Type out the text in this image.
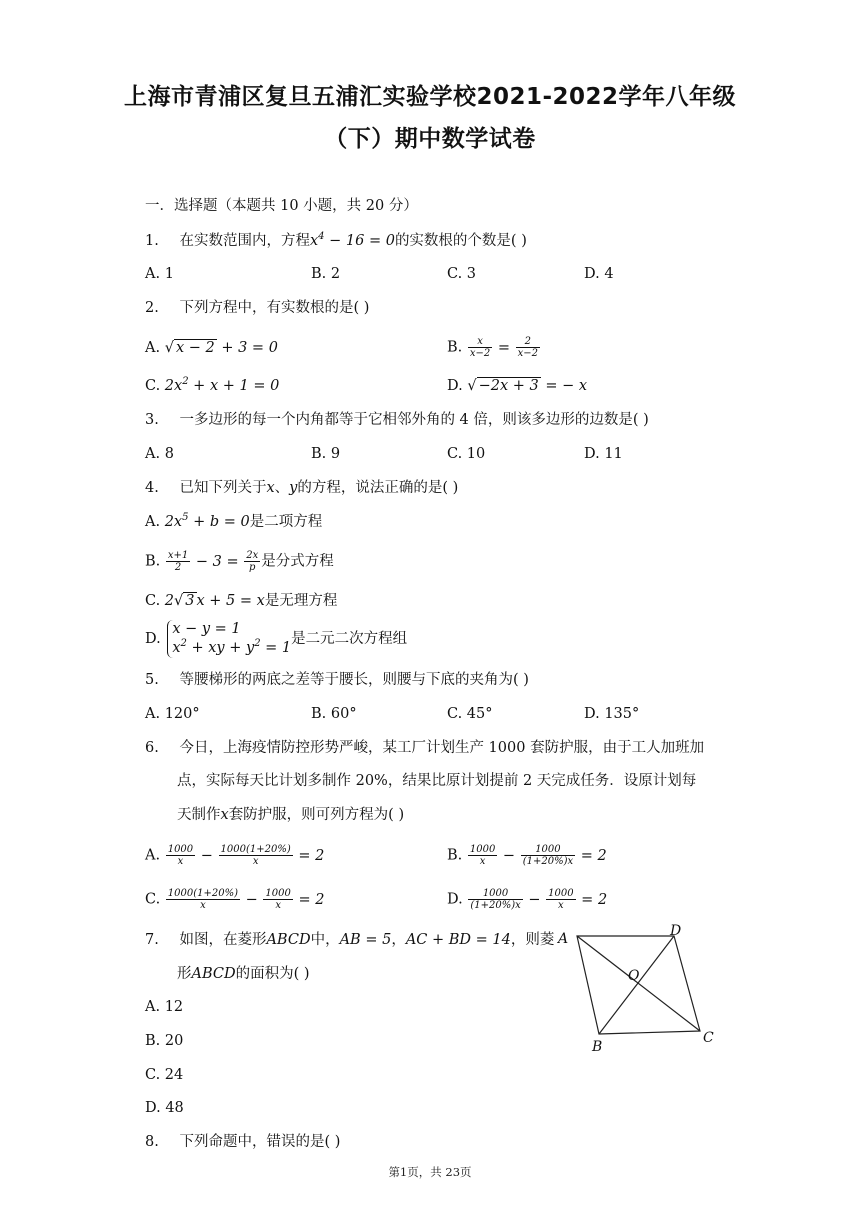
上海市青浦区复旦五浦汇实验学校2021-2022学年八年级
（下）期中数学试卷
一．选择题（本题共 10 小题，共 20 分）
1. 在实数范围内，方程$x^4 - 16 = 0$的实数根的个数是( )
A. 1	B. 2	C. 3	D. 4
2. 下列方程中，有实数根的是( )
A. √ x − 2 + 3 = 0	B. $\frac{x}{x-2} = \frac{2}{x-2}$
C. $2x^2 + x + 1 = 0$	D. √ −2x + 3 = − x
3. 一多边形的每一个内角都等于它相邻外角的 4 倍，则该多边形的边数是( )
A. 8	B. 9	C. 10	D. 11
4. 已知下列关于x、y的方程，说法正确的是( )
A. $2x^5 + b = 0$是二项方程
B. $\frac{x+1}{2} - 3 = \frac{2x}{p}$ 是分式方程
C. 2√ 3 x + 5 = x是无理方程
D. x − y = 1
$x^2$ + xy + $y^2 = 1$是二元二次方程组
5. 等腰梯形的两底之差等于腰长，则腰与下底的夹角为( )
A. 120°	B. 60°	C. 45°	D. 135°
6. 今日，上海疫情防控形势严峻，某工厂计划生产 1000 套防护服，由于工人加班加
点，实际每天比计划多制作 20%，结果比原计划提前 2 天完成任务．设原计划每
天制作x套防护服，则可列方程为( )
A. $\frac{1000}{x} - \frac{1000(1+20\%)}{x} = 2$	B. $\frac{1000}{x} - \frac{1000}{(1+20\%)x} = 2$
C. $\frac{1000(1+20\%)}{x} - \frac{1000}{x} = 2$	D. $\frac{1000}{(1+20\%)x} - \frac{1000}{x} = 2$
7. 如图，在菱形ABCD中，AB = 5，AC + BD = 14，则菱
形ABCD的面积为( )
A. 12
B. 20
C. 24
D. 48
A	D
C
B
O
8. 下列命题中，错误的是( )
第1页，共 23页
